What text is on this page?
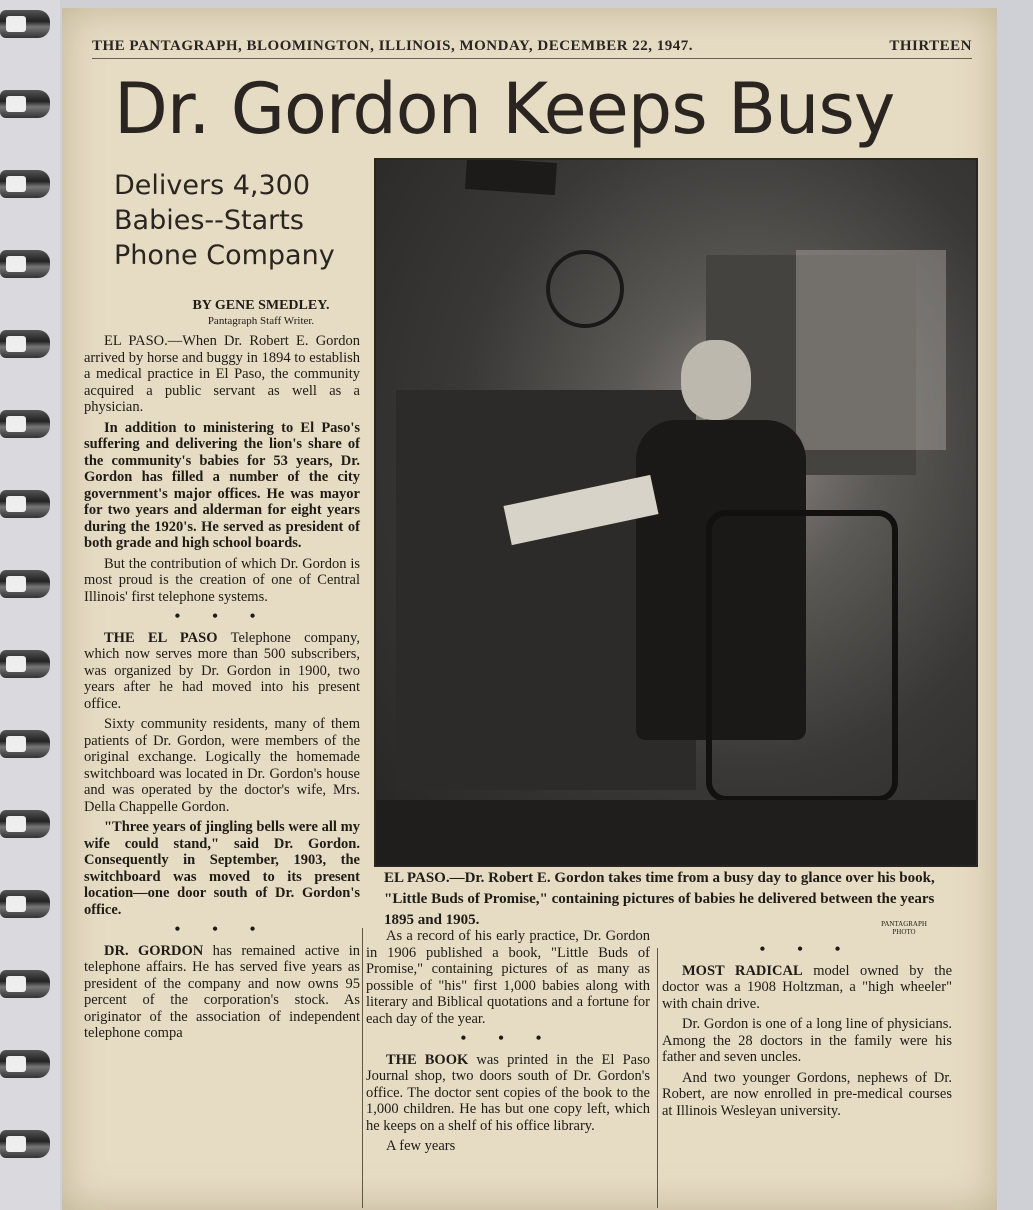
THE PANTAGRAPH, BLOOMINGTON, ILLINOIS, MONDAY, DECEMBER 22, 1947.	THIRTEEN
Dr. Gordon Keeps Busy
Delivers 4,300 Babies--Starts Phone Company
BY GENE SMEDLEY.
Pantagraph Staff Writer.

EL PASO.—When Dr. Robert E. Gordon arrived by horse and buggy in 1894 to establish a medical practice in El Paso, the community acquired a public servant as well as a physician.

In addition to ministering to El Paso's suffering and delivering the lion's share of the community's babies for 53 years, Dr. Gordon has filled a number of the city government's major offices. He was mayor for two years and alderman for eight years during the 1920's. He served as president of both grade and high school boards.

But the contribution of which Dr. Gordon is most proud is the creation of one of Central Illinois' first telephone systems.

• • •

THE EL PASO Telephone company, which now serves more than 500 subscribers, was organized by Dr. Gordon in 1900, two years after he had moved into his present office.

Sixty community residents, many of them patients of Dr. Gordon, were members of the original exchange. Logically the homemade switchboard was located in Dr. Gordon's house and was operated by the doctor's wife, Mrs. Della Chappelle Gordon.

"Three years of jingling bells were all my wife could stand," said Dr. Gordon. Consequently in September, 1903, the switchboard was moved to its present location—one door south of Dr. Gordon's office.

• • •

DR. GORDON has remained active in telephone affairs. He has served five years as president of the company and now owns 95 percent of the corporation's stock. As originator of the association of independent telephone compa

EL PASO.—Dr. Robert E. Gordon takes time from a busy day to glance over his book, "Little Buds of Promise," containing pictures of babies he delivered between the years 1895 and 1905.	PANTAGRAPH PHOTO

As a record of his early practice, Dr. Gordon in 1906 published a book, "Little Buds of Promise," containing pictures of as many as possible of "his" first 1,000 babies along with literary and Biblical quotations and a fortune for each day of the year.

• • •

THE BOOK was printed in the El Paso Journal shop, two doors south of Dr. Gordon's office. The doctor sent copies of the book to the 1,000 children. He has but one copy left, which he keeps on a shelf of his office library.

A few years

• • •

MOST RADICAL model owned by the doctor was a 1908 Holtzman, a "high wheeler" with chain drive.

Dr. Gordon is one of a long line of physicians. Among the 28 doctors in the family were his father and seven uncles.

And two younger Gordons, nephews of Dr. Robert, are now enrolled in pre-medical courses at Illinois Wesleyan university.
